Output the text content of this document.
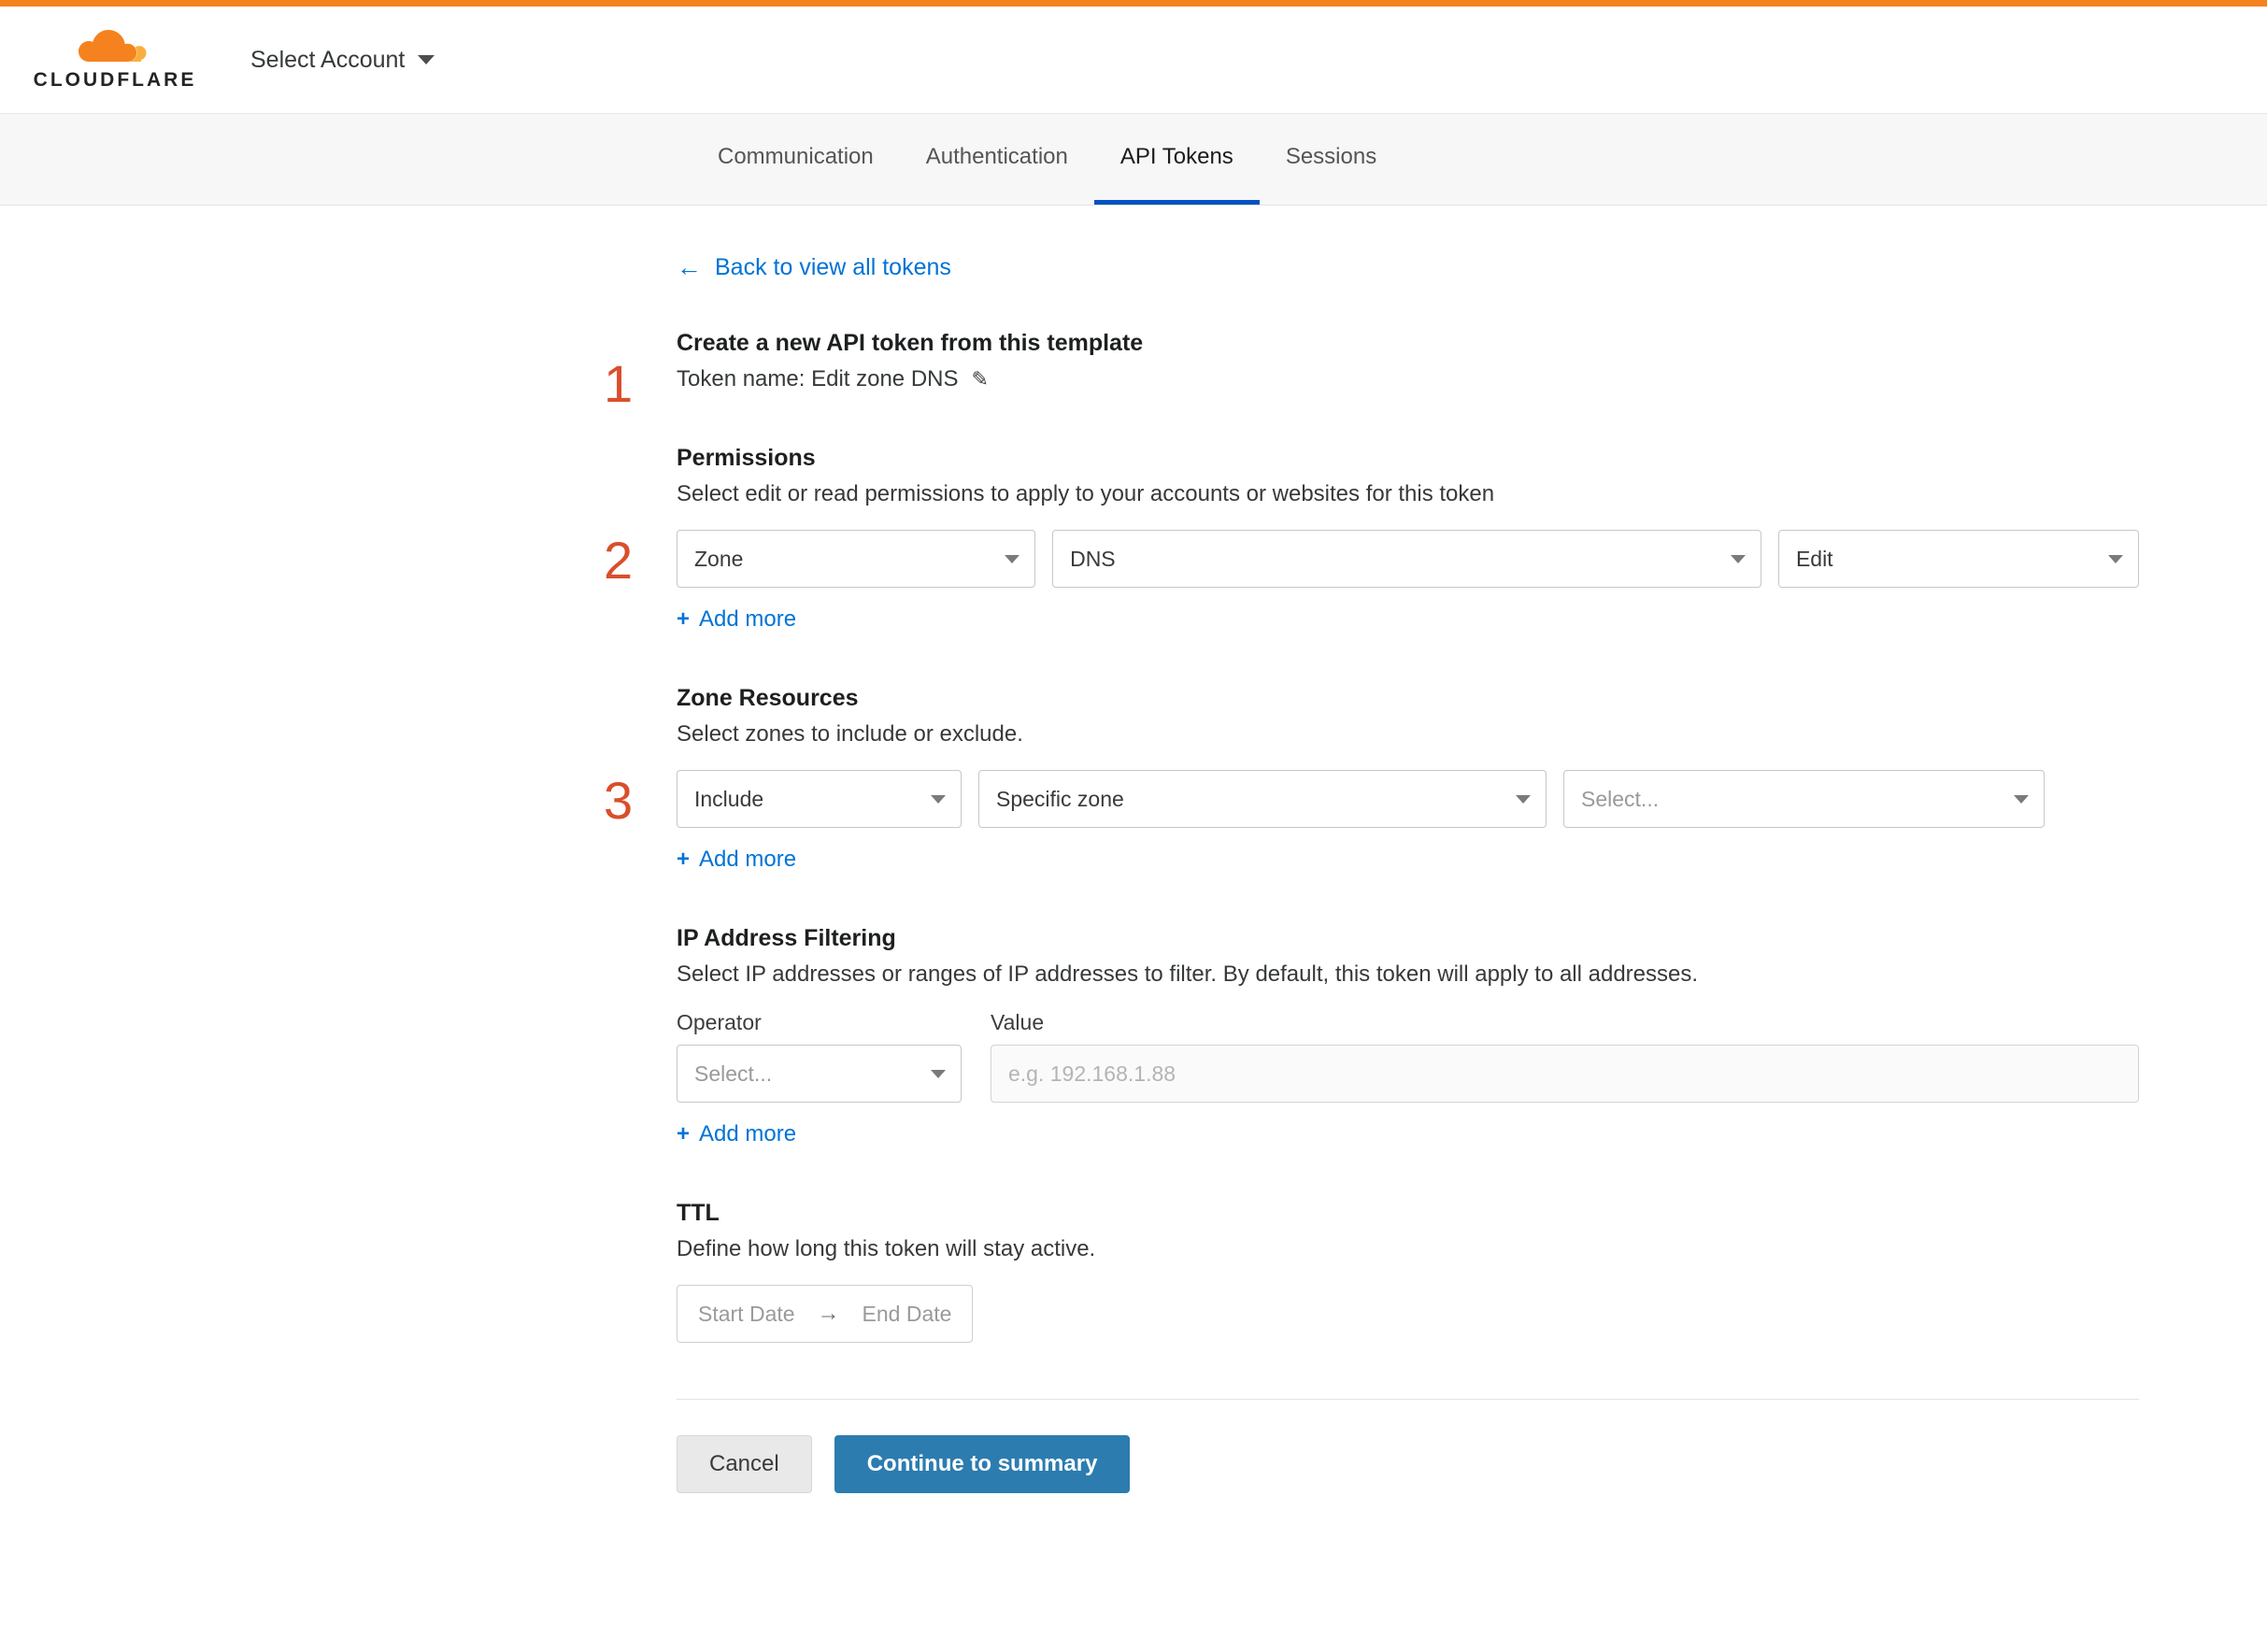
CLOUDFLARE
Select Account
Communication Authentication API Tokens Sessions
← Back to view all tokens
1
Create a new API token from this template
Token name: Edit zone DNS ✎
2
Permissions

Select edit or read permissions to apply to your accounts or websites for this token

Zone	DNS	Edit
+ Add more
3
Zone Resources

Select zones to include or exclude.

Include	Specific zone	Select...
+ Add more
IP Address Filtering

Select IP addresses or ranges of IP addresses to filter. By default, this token will apply to all addresses.

Operator
Select...
Value
e.g. 192.168.1.88
+ Add more
TTL

Define how long this token will stay active.

Start Date → End Date
Cancel	Continue to summary
